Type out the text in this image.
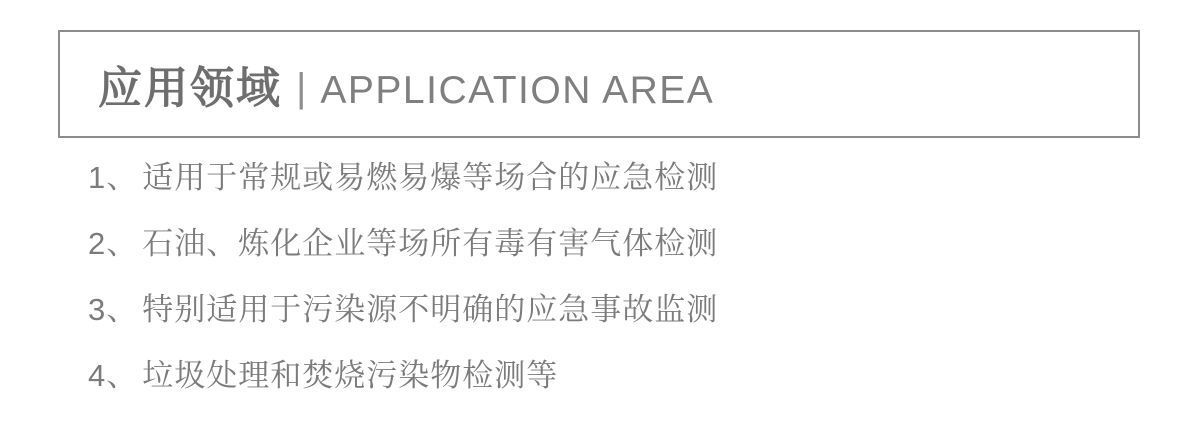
应用领域 | APPLICATION AREA
1 、 适用于常规或易燃易爆等场合的应急检测
2 、 石油、炼化企业等场所有毒有害气体检测
3 、 特别适用于污染源不明确的应急事故监测
4 、 垃圾处理和焚烧污染物检测等
